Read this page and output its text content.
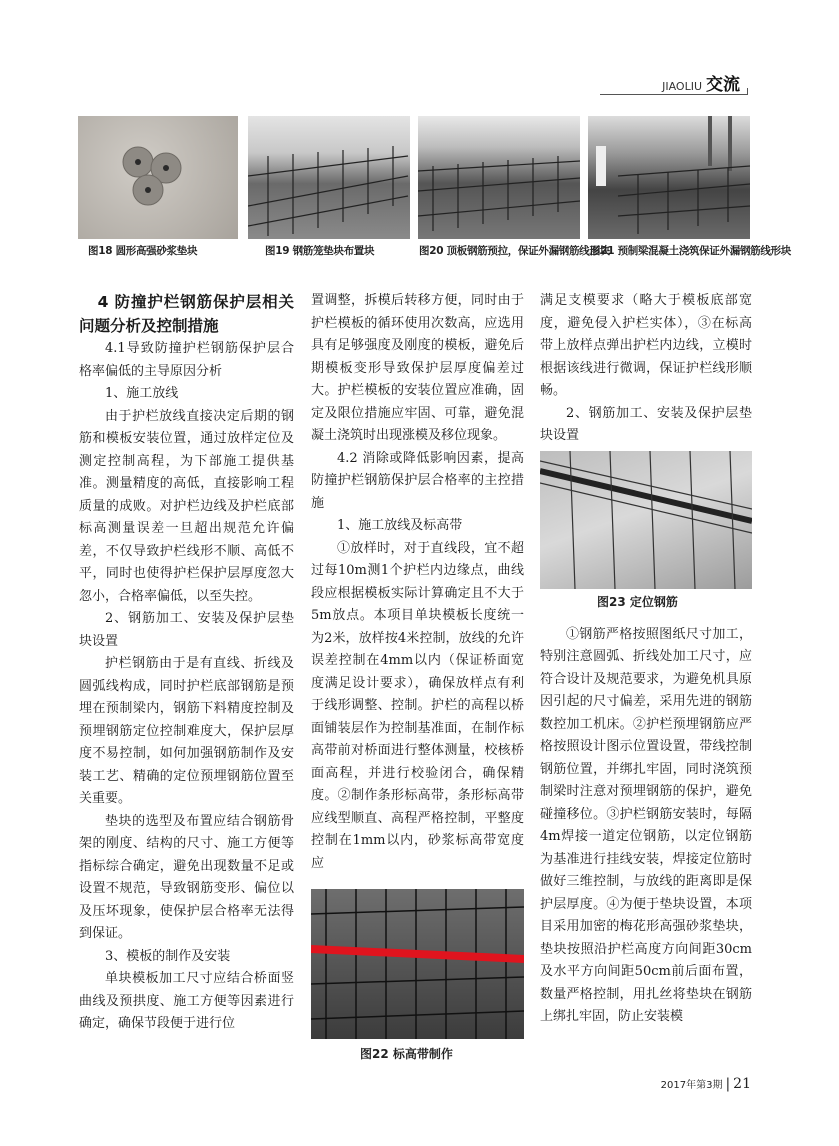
JIAOLIU 交流
图18 圆形高强砂浆垫块	图19 钢筋笼垫块布置块	图20 顶板钢筋预拉，保证外漏钢筋线形块
图21 预制梁混凝土浇筑保证外漏钢筋线形块

4 防撞护栏钢筋保护层相关问题分析及控制措施

4.1导致防撞护栏钢筋保护层合格率偏低的主导原因分析

1、施工放线

由于护栏放线直接决定后期的钢筋和模板安装位置，通过放样定位及测定控制高程，为下部施工提供基准。测量精度的高低，直接影响工程质量的成败。对护栏边线及护栏底部标高测量误差一旦超出规范允许偏差，不仅导致护栏线形不顺、高低不平，同时也使得护栏保护层厚度忽大忽小，合格率偏低，以至失控。

2、钢筋加工、安装及保护层垫块设置

护栏钢筋由于是有直线、折线及圆弧线构成，同时护栏底部钢筋是预埋在预制梁内，钢筋下料精度控制及预埋钢筋定位控制难度大，保护层厚度不易控制，如何加强钢筋制作及安装工艺、精确的定位预埋钢筋位置至关重要。

垫块的选型及布置应结合钢筋骨架的刚度、结构的尺寸、施工方便等指标综合确定，避免出现数量不足或设置不规范，导致钢筋变形、偏位以及压坏现象，使保护层合格率无法得到保证。

3、模板的制作及安装

单块模板加工尺寸应结合桥面竖曲线及预拱度、施工方便等因素进行确定，确保节段便于进行位

置调整，拆模后转移方便，同时由于护栏模板的循环使用次数高，应选用具有足够强度及刚度的模板，避免后期模板变形导致保护层厚度偏差过大。护栏模板的安装位置应准确，固定及限位措施应牢固、可靠，避免混凝土浇筑时出现涨模及移位现象。

4.2 消除或降低影响因素，提高防撞护栏钢筋保护层合格率的主控措施

1、施工放线及标高带

①放样时，对于直线段，宜不超过每10m测1个护栏内边缘点，曲线段应根据模板实际计算确定且不大于5m放点。本项目单块模板长度统一为2米，放样按4米控制，放线的允许误差控制在4mm以内（保证桥面宽度满足设计要求），确保放样点有利于线形调整、控制。护栏的高程以桥面铺装层作为控制基准面，在制作标高带前对桥面进行整体测量，校核桥面高程，并进行校验闭合，确保精度。②制作条形标高带，条形标高带应线型顺直、高程严格控制，平整度控制在1mm以内，砂浆标高带宽度应

图22 标高带制作

满足支模要求（略大于模板底部宽度，避免侵入护栏实体），③在标高带上放样点弹出护栏内边线，立模时根据该线进行微调，保证护栏线形顺畅。

2、钢筋加工、安装及保护层垫块设置

①钢筋严格按照图纸尺寸加工，特别注意圆弧、折线处加工尺寸，应符合设计及规范要求，为避免机具原因引起的尺寸偏差，采用先进的钢筋数控加工机床。②护栏预埋钢筋应严格按照设计图示位置设置，带线控制钢筋位置，并绑扎牢固，同时浇筑预制梁时注意对预埋钢筋的保护，避免碰撞移位。③护栏钢筋安装时，每隔4m焊接一道定位钢筋，以定位钢筋为基准进行挂线安装，焊接定位筋时做好三维控制，与放线的距离即是保护层厚度。④为便于垫块设置，本项目采用加密的梅花形高强砂浆垫块，垫块按照沿护栏高度方向间距30cm及水平方向间距50cm前后面布置，数量严格控制，用扎丝将垫块在钢筋上绑扎牢固，防止安装模

图23 定位钢筋
2017年第3期 | 21
